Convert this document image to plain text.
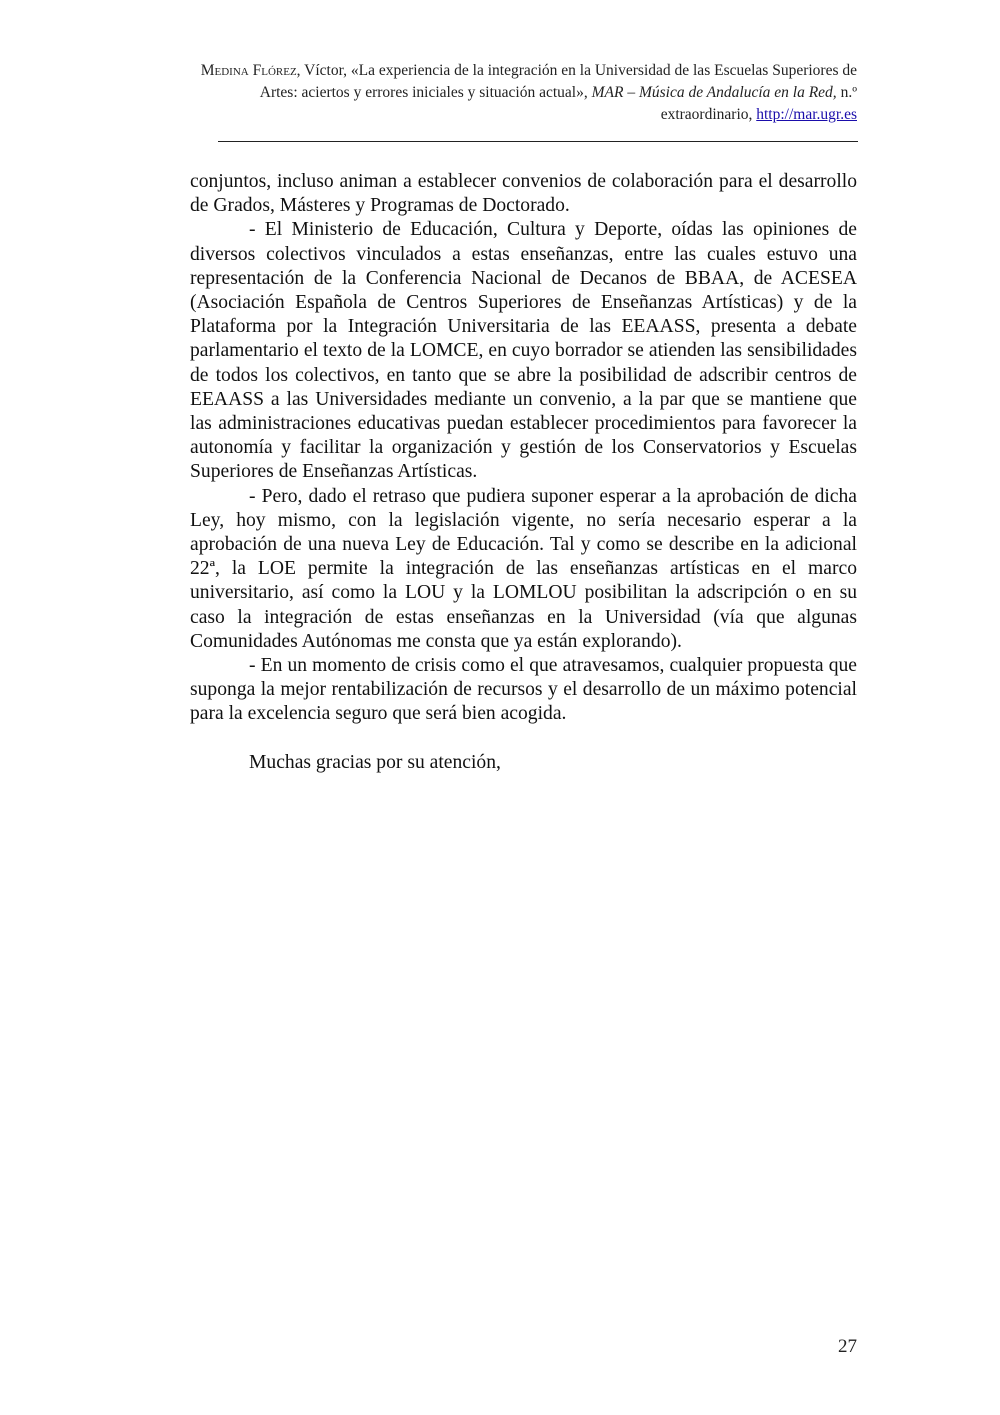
Medina Flórez, Víctor, «La experiencia de la integración en la Universidad de las Escuelas Superiores de Artes: aciertos y errores iniciales y situación actual», MAR – Música de Andalucía en la Red, n.º extraordinario, http://mar.ugr.es

conjuntos, incluso animan a establecer convenios de colaboración para el desarrollo de Grados, Másteres y Programas de Doctorado.

- El Ministerio de Educación, Cultura y Deporte, oídas las opiniones de diversos colectivos vinculados a estas enseñanzas, entre las cuales estuvo una representación de la Conferencia Nacional de Decanos de BBAA, de ACESEA (Asociación Española de Centros Superiores de Enseñanzas Artísticas) y de la Plataforma por la Integración Universitaria de las EEAASS, presenta a debate parlamentario el texto de la LOMCE, en cuyo borrador se atienden las sensibilidades de todos los colectivos, en tanto que se abre la posibilidad de adscribir centros de EEAASS a las Universidades mediante un convenio, a la par que se mantiene que las administraciones educativas puedan establecer procedimientos para favorecer la autonomía y facilitar la organización y gestión de los Conservatorios y Escuelas Superiores de Enseñanzas Artísticas.

- Pero, dado el retraso que pudiera suponer esperar a la aprobación de dicha Ley, hoy mismo, con la legislación vigente, no sería necesario esperar a la aprobación de una nueva Ley de Educación. Tal y como se describe en la adicional 22ª, la LOE permite la integración de las enseñanzas artísticas en el marco universitario, así como la LOU y la LOMLOU posibilitan la adscripción o en su caso la integración de estas enseñanzas en la Universidad (vía que algunas Comunidades Autónomas me consta que ya están explorando).

- En un momento de crisis como el que atravesamos, cualquier propuesta que suponga la mejor rentabilización de recursos y el desarrollo de un máximo potencial para la excelencia seguro que será bien acogida.

Muchas gracias por su atención,

27
